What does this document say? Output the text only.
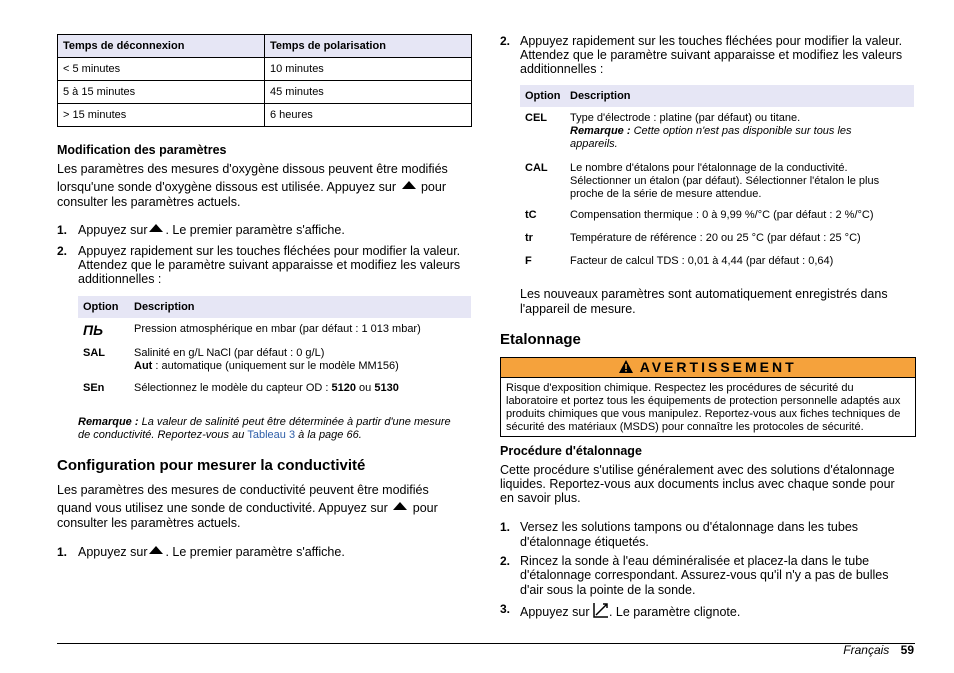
Temps de déconnexion	Temps de polarisation
< 5 minutes	10 minutes
5 à 15 minutes	45 minutes
> 15 minutes	6 heures
Modification des paramètres
Les paramètres des mesures d'oxygène dissous peuvent être modifiés
lorsqu'une sonde d'oxygène dissous est utilisée. Appuyez sur pour
consulter les paramètres actuels.
1. Appuyez sur . Le premier paramètre s'affiche.
2. Appuyez rapidement sur les touches fléchées pour modifier la valeur.
Attendez que le paramètre suivant apparaisse et modifiez les valeurs
additionnelles :
Option Description
ПЬ	Pression atmosphérique en mbar (par défaut : 1 013 mbar)
SAL	Salinité en g/L NaCl (par défaut : 0 g/L)
Aut : automatique (uniquement sur le modèle MM156)
SEn	Sélectionnez le modèle du capteur OD : 5120 ou 5130
Remarque : La valeur de salinité peut être déterminée à partir d'une mesure
de conductivité. Reportez-vous au Tableau 3 à la page 66.
Configuration pour mesurer la conductivité
Les paramètres des mesures de conductivité peuvent être modifiés
quand vous utilisez une sonde de conductivité. Appuyez sur pour
consulter les paramètres actuels.
1. Appuyez sur . Le premier paramètre s'affiche.
2. Appuyez rapidement sur les touches fléchées pour modifier la valeur.
Attendez que le paramètre suivant apparaisse et modifiez les valeurs
additionnelles :
Option Description
CEL Type d'électrode : platine (par défaut) ou titane.
Remarque : Cette option n'est pas disponible sur tous les
appareils.
CAL Le nombre d'étalons pour l'étalonnage de la conductivité.
Sélectionner un étalon (par défaut). Sélectionner l'étalon le plus
proche de la série de mesure attendue.
tC	Compensation thermique : 0 à 9,99 %/°C (par défaut : 2 %/°C)
tr	Température de référence : 20 ou 25 °C (par défaut : 25 °C)
F	Facteur de calcul TDS : 0,01 à 4,44 (par défaut : 0,64)
Les nouveaux paramètres sont automatiquement enregistrés dans
l'appareil de mesure.
Etalonnage
AVERTISSEMENT
Risque d'exposition chimique. Respectez les procédures de sécurité du
laboratoire et portez tous les équipements de protection personnelle adaptés aux
produits chimiques que vous manipulez. Reportez-vous aux fiches techniques de
sécurité des matériaux (MSDS) pour connaître les protocoles de sécurité.
Procédure d'étalonnage
Cette procédure s'utilise généralement avec des solutions d'étalonnage
liquides. Reportez-vous aux documents inclus avec chaque sonde pour
en savoir plus.
1. Versez les solutions tampons ou d'étalonnage dans les tubes
d'étalonnage étiquetés.
2. Rincez la sonde à l'eau déminéralisée et placez-la dans le tube
d'étalonnage correspondant. Assurez-vous qu'il n'y a pas de bulles
d'air sous la pointe de la sonde.
3. Appuyez sur . Le paramètre clignote.
Français 59
